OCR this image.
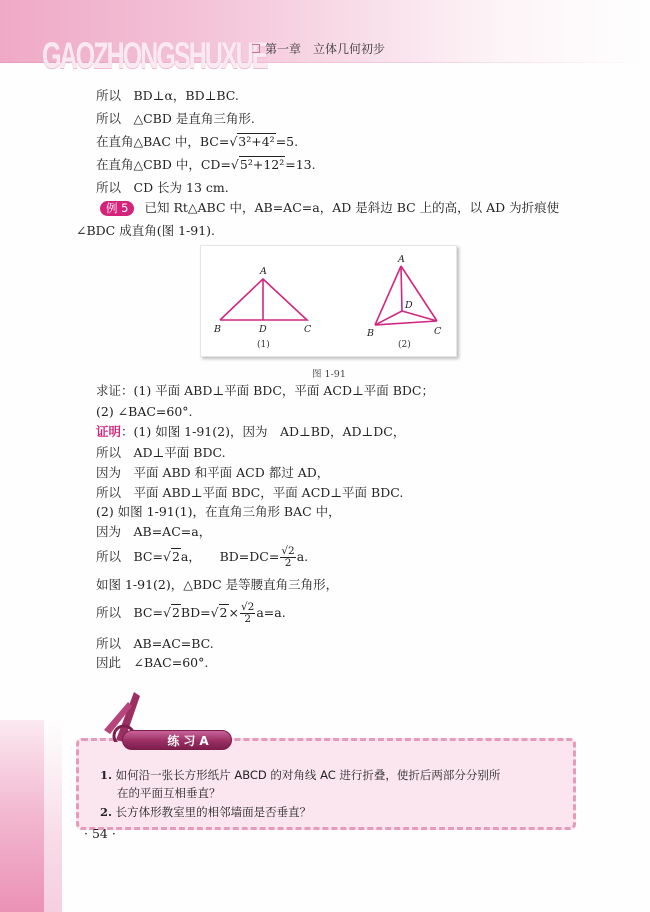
GAOZHONGSHUXUE
第一章　立体几何初步
所以　BD⊥α，BD⊥BC.
所以　△CBD 是直角三角形.
在直角△BAC 中，BC=√3²+4²=5.
在直角△CBD 中，CD=√5²+12²=13.
所以　CD 长为 13 cm.
例 5 已知 Rt△ABC 中，AB=AC=a，AD 是斜边 BC 上的高，以 AD 为折痕使
∠BDC 成直角(图 1-91).
A
B	D	C
A
D
B	C
(1)	(2)
图 1-91
求证：(1) 平面 ABD⊥平面 BDC，平面 ACD⊥平面 BDC；
(2) ∠BAC=60°.
证明：(1) 如图 1-91(2)，因为　AD⊥BD，AD⊥DC，
所以　AD⊥平面 BDC.
因为　平面 ABD 和平面 ACD 都过 AD，
所以　平面 ABD⊥平面 BDC，平面 ACD⊥平面 BDC.
(2) 如图 1-91(1)，在直角三角形 BAC 中，
因为　AB=AC=a，
所以　BC=√2a，　　$BD=DC= \frac{√2}{2} a$.
如图 1-91(2)，△BDC 是等腰直角三角形，
所以　$BC=√2BD=√2\times \frac{√2}{2} a=a$.
所以　AB=AC=BC.
因此　∠BAC=60°.
练习A
1. 如何沿一张长方形纸片 ABCD 的对角线 AC 进行折叠，使折后两部分分别所
在的平面互相垂直？
2. 长方体形教室里的相邻墙面是否垂直？
· 54 ·
